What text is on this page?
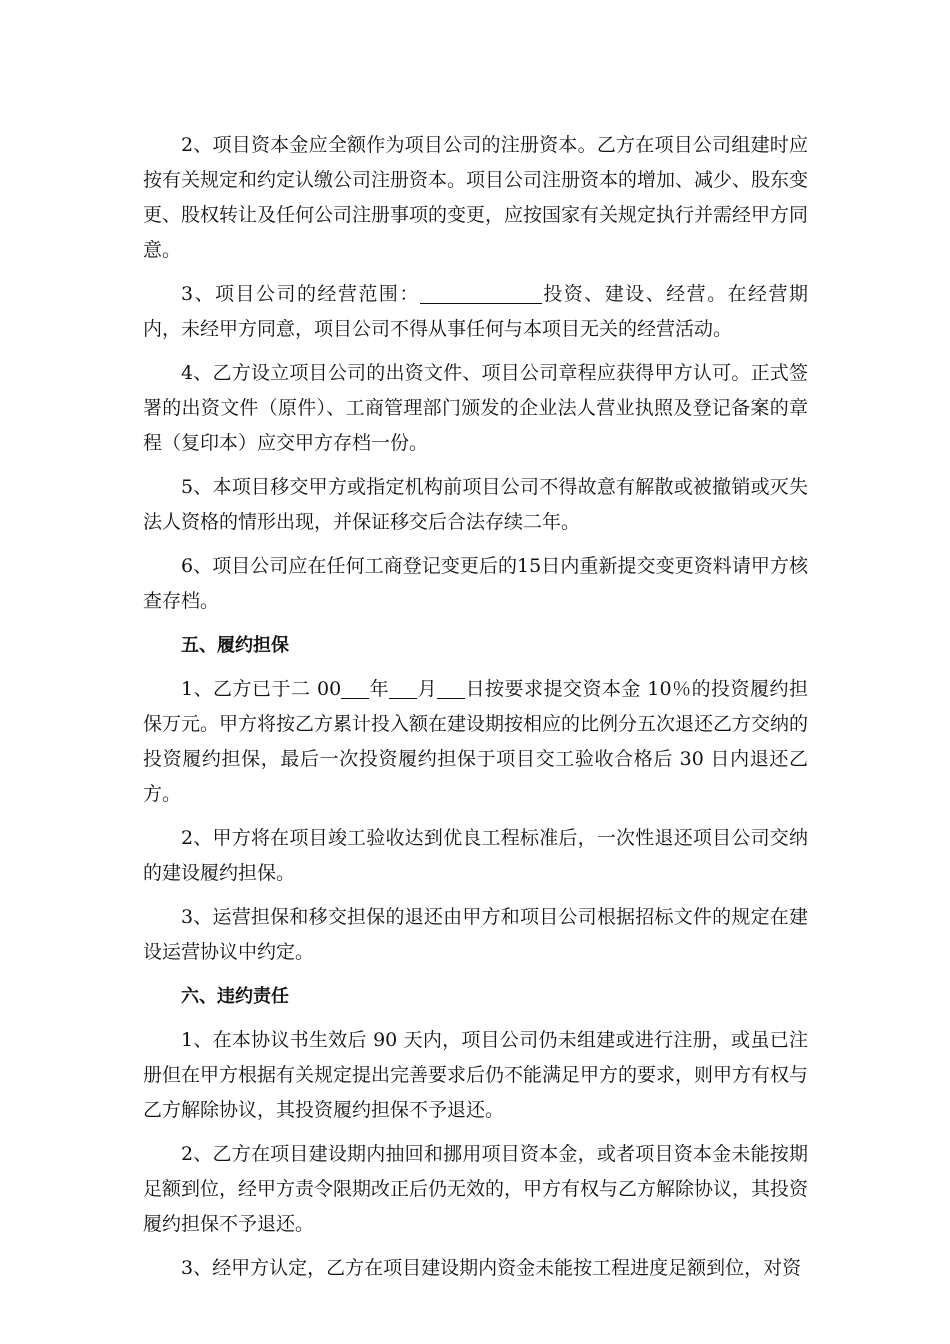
2、项目资本金应全额作为项目公司的注册资本。乙方在项目公司组建时应按有关规定和约定认缴公司注册资本。项目公司注册资本的增加、减少、股东变更、股权转让及任何公司注册事项的变更，应按国家有关规定执行并需经甲方同意。

3、项目公司的经营范围：	投资、建设、经营。在经营期内，未经甲方同意，项目公司不得从事任何与本项目无关的经营活动。

4、乙方设立项目公司的出资文件、项目公司章程应获得甲方认可。正式签署的出资文件（原件）、工商管理部门颁发的企业法人营业执照及登记备案的章程（复印本）应交甲方存档一份。

5、本项目移交甲方或指定机构前项目公司不得故意有解散或被撤销或灭失法人资格的情形出现，并保证移交后合法存续二年。

6、项目公司应在任何工商登记变更后的15日内重新提交变更资料请甲方核查存档。

五、履约担保

1、乙方已于二 00 年 月 日按要求提交资本金 10％的投资履约担保万元。甲方将按乙方累计投入额在建设期按相应的比例分五次退还乙方交纳的投资履约担保，最后一次投资履约担保于项目交工验收合格后 30 日内退还乙方。

2、甲方将在项目竣工验收达到优良工程标准后，一次性退还项目公司交纳的建设履约担保。

3、运营担保和移交担保的退还由甲方和项目公司根据招标文件的规定在建设运营协议中约定。

六、违约责任

1、在本协议书生效后 90 天内，项目公司仍未组建或进行注册，或虽已注册但在甲方根据有关规定提出完善要求后仍不能满足甲方的要求，则甲方有权与乙方解除协议，其投资履约担保不予退还。

2、乙方在项目建设期内抽回和挪用项目资本金，或者项目资本金未能按期足额到位，经甲方责令限期改正后仍无效的，甲方有权与乙方解除协议，其投资履约担保不予退还。

3、经甲方认定，乙方在项目建设期内资金未能按工程进度足额到位，对资
